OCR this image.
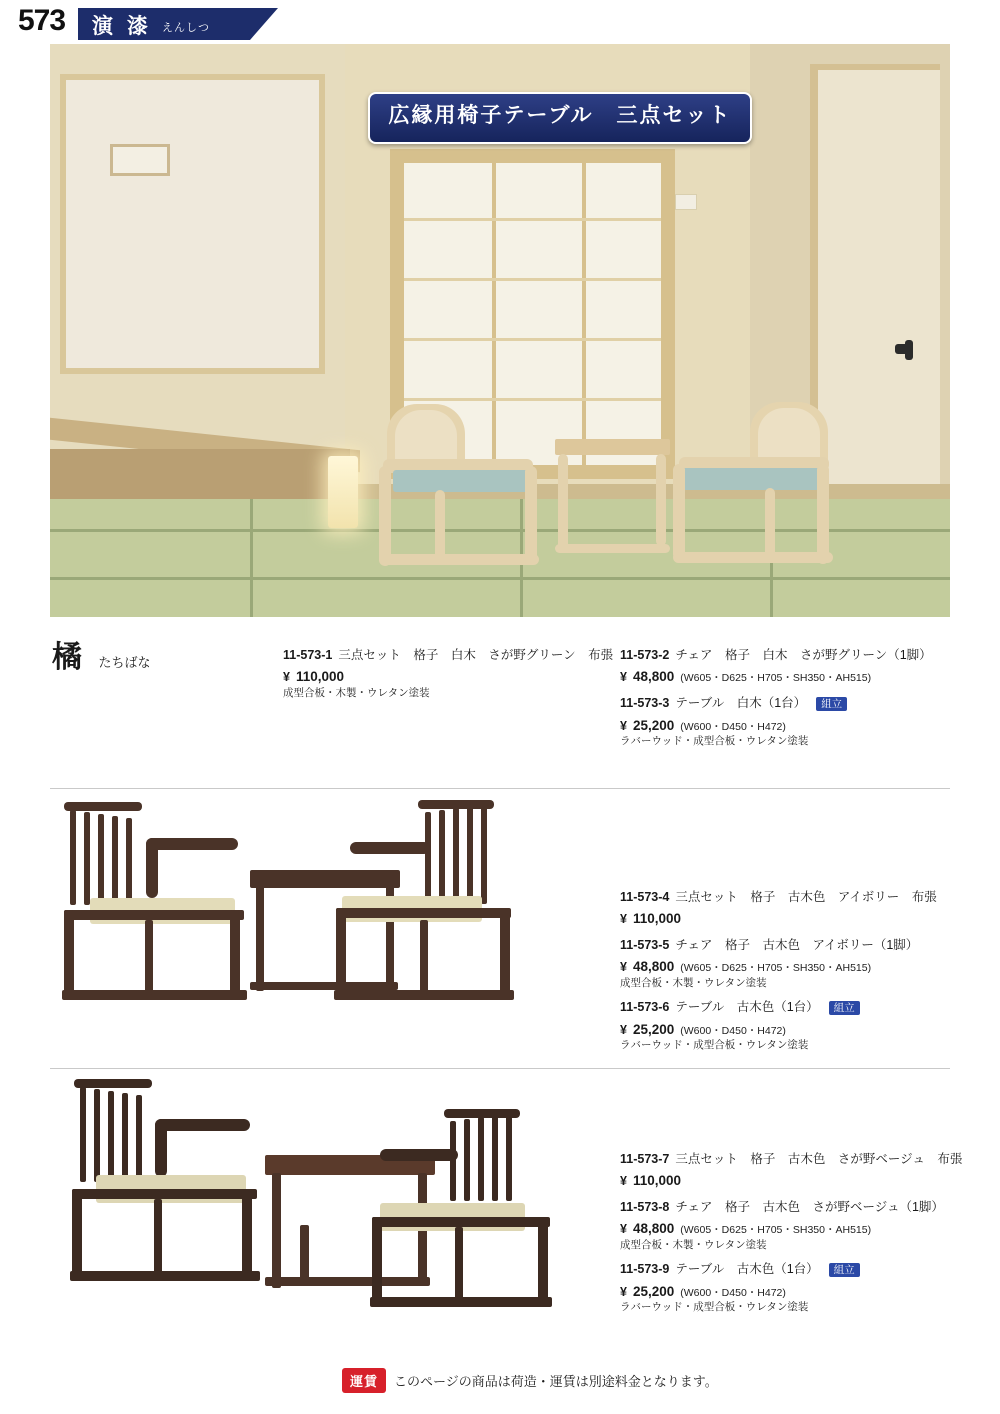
573 演 漆 えんしつ
広縁用椅子テーブル　三点セット
橘 たちばな	11-573-1 三点セット　格子　白木　さが野グリーン　布張
¥ 110,000
成型合板・木製・ウレタン塗装
11-573-2 チェア　格子　白木　さが野グリーン（1脚）
¥ 48,800 (W605・D625・H705・SH350・AH515)
11-573-3 テーブル　白木（1台）	組立
¥ 25,200 (W600・D450・H472)
ラバーウッド・成型合板・ウレタン塗装
11-573-4 三点セット　格子　古木色　アイボリー　布張
¥ 110,000
11-573-5 チェア　格子　古木色　アイボリー（1脚）
¥ 48,800 (W605・D625・H705・SH350・AH515)
成型合板・木製・ウレタン塗装
11-573-6 テーブル　古木色（1台）	組立
¥ 25,200 (W600・D450・H472)
ラバーウッド・成型合板・ウレタン塗装
11-573-7 三点セット　格子　古木色　さが野ベージュ　布張
¥ 110,000
11-573-8 チェア　格子　古木色　さが野ベージュ（1脚）
¥ 48,800 (W605・D625・H705・SH350・AH515)
成型合板・木製・ウレタン塗装
11-573-9 テーブル　古木色（1台）	組立
¥ 25,200 (W600・D450・H472)
ラバーウッド・成型合板・ウレタン塗装
運賃	このページの商品は荷造・運賃は別途料金となります。
